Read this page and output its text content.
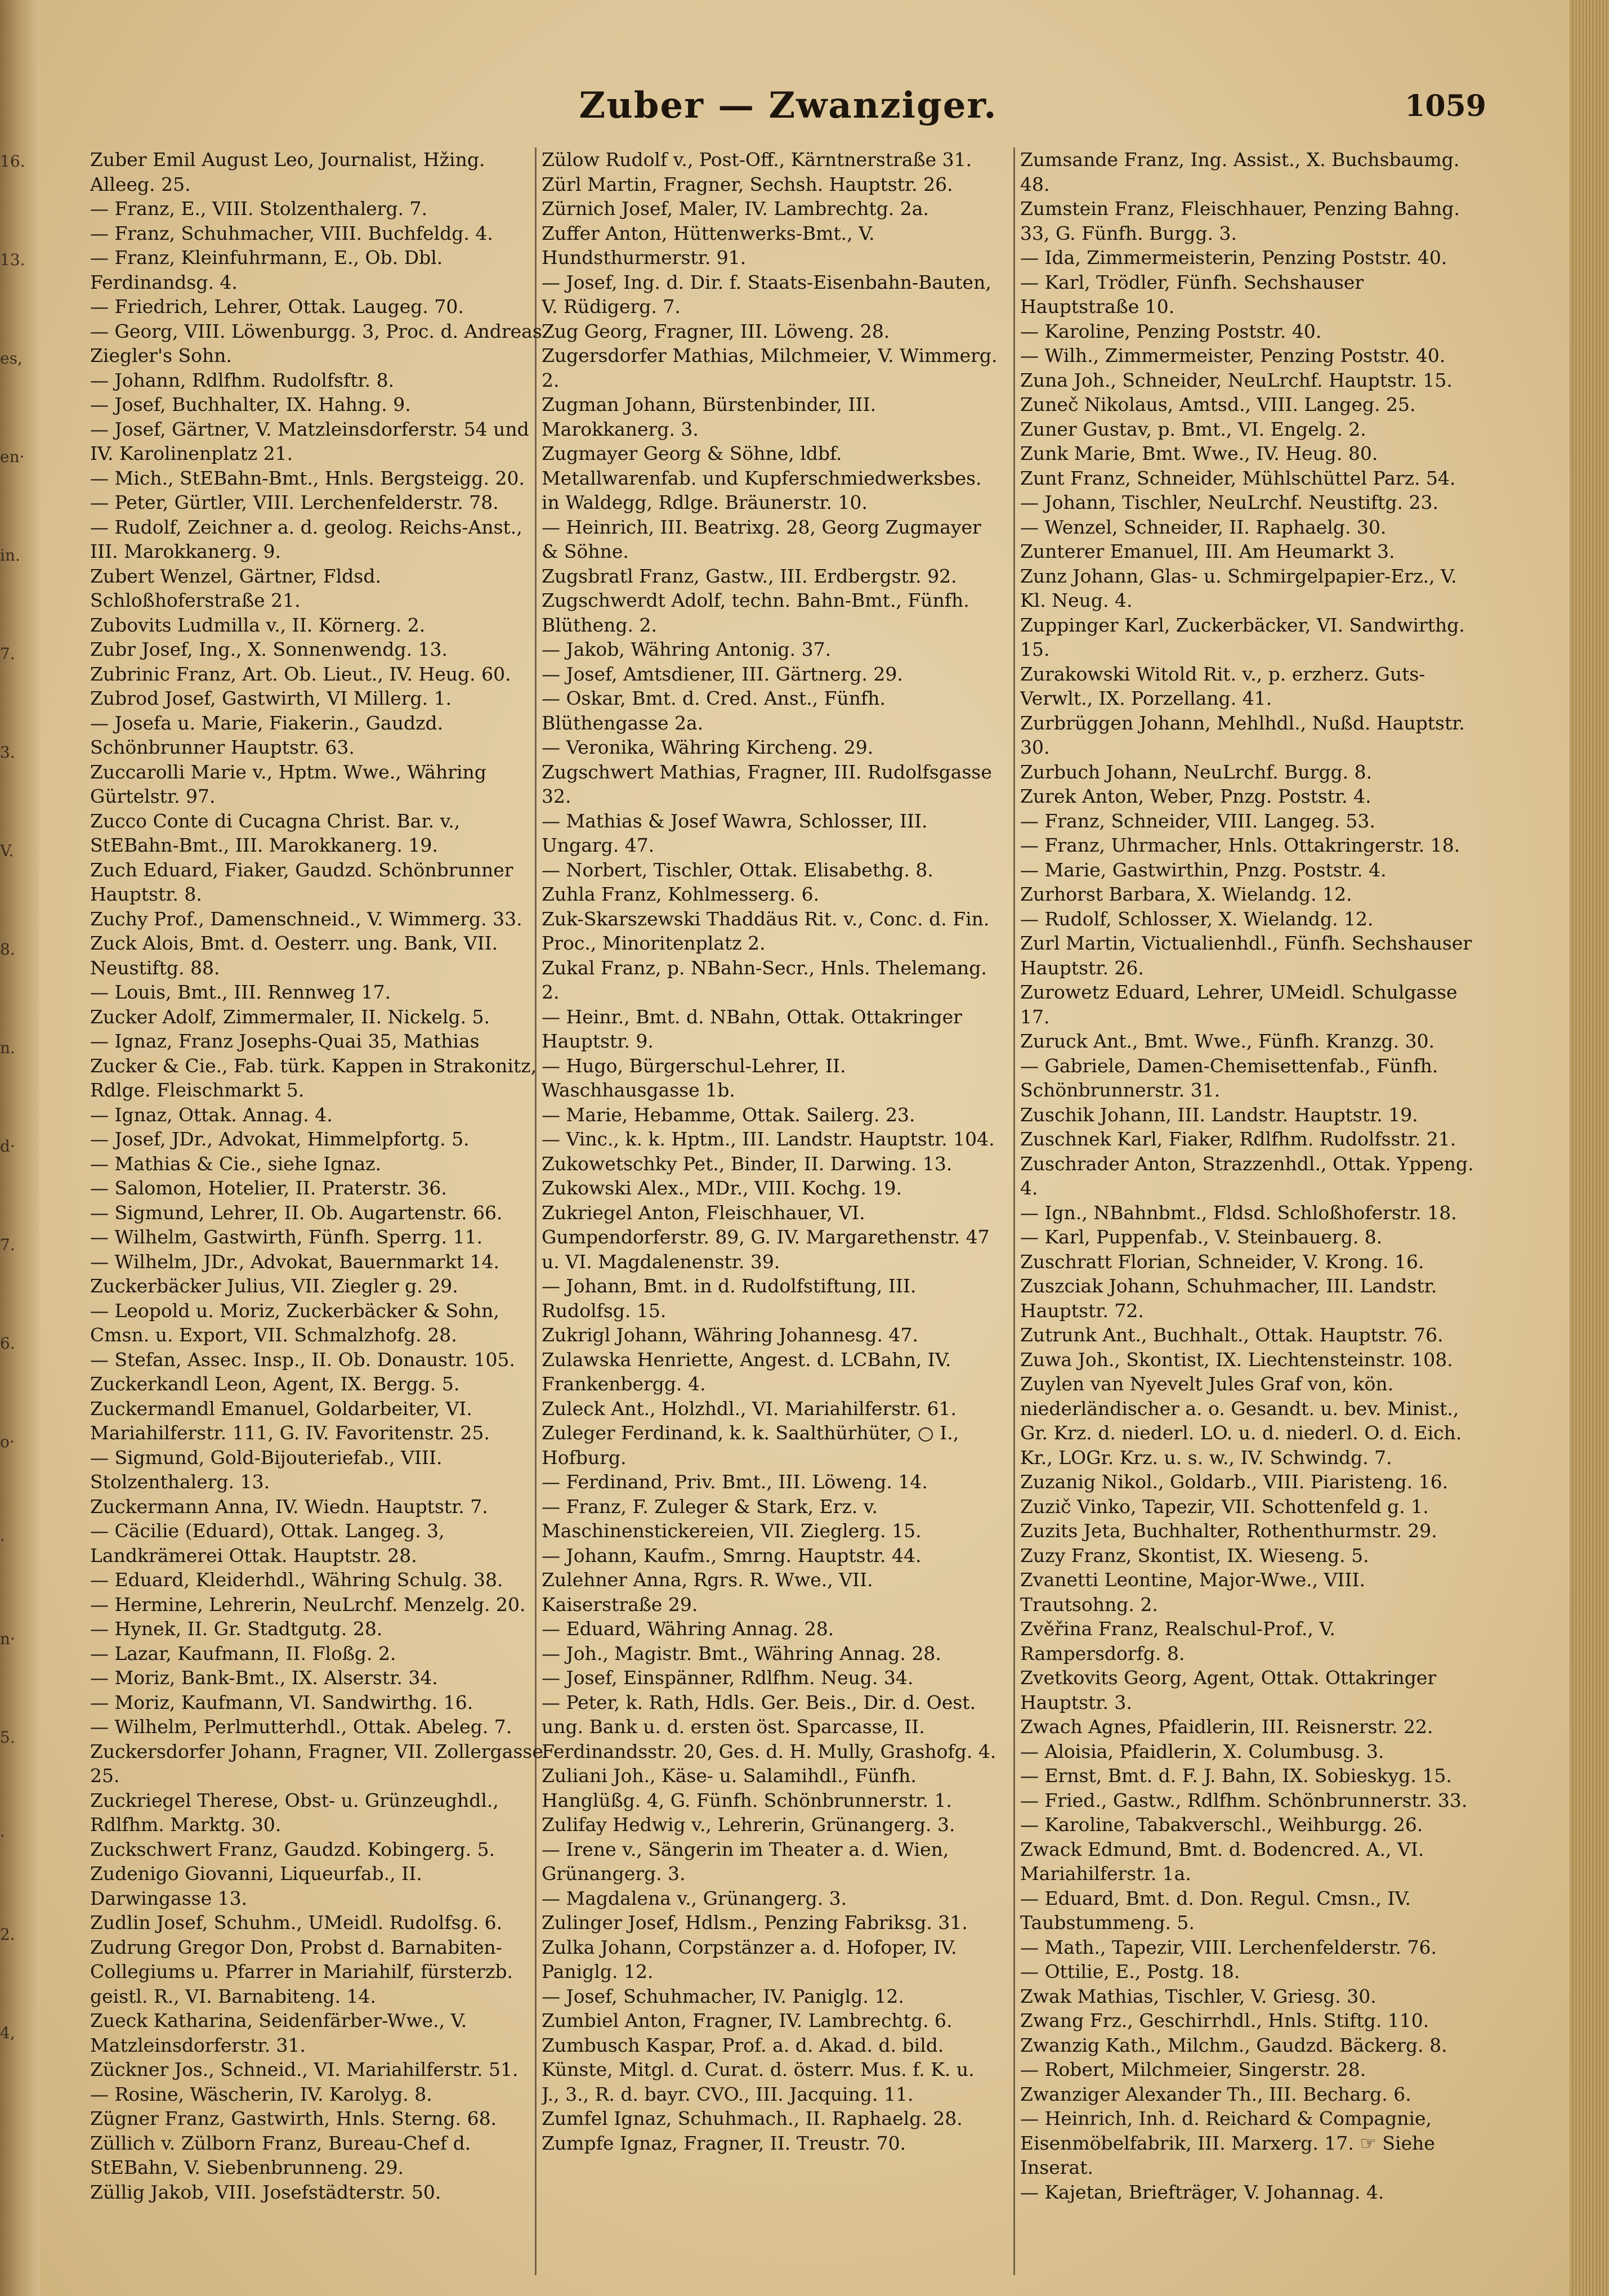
16.
13.
es,
en·
in.
7.
3.
V.
8.
n.
d·
7.
6.
o·
·
n·
5.
·
2.
4,
Zuber — Zwanziger.	1059
Zuber Emil August Leo, Journalist, Hžing. Alleeg. 25.
— Franz, E., VIII. Stolzenthalerg. 7.
— Franz, Schuhmacher, VIII. Buchfeldg. 4.
— Franz, Kleinfuhrmann, E., Ob. Dbl. Ferdinandsg. 4.
— Friedrich, Lehrer, Ottak. Laugeg. 70.
— Georg, VIII. Löwenburgg. 3, Proc. d. Andreas Ziegler's Sohn.
— Johann, Rdlfhm. Rudolfsftr. 8.
— Josef, Buchhalter, IX. Hahng. 9.
— Josef, Gärtner, V. Matzleinsdorferstr. 54 und IV. Karolinenplatz 21.
— Mich., StEBahn-Bmt., Hnls. Bergsteigg. 20.
— Peter, Gürtler, VIII. Lerchenfelderstr. 78.
— Rudolf, Zeichner a. d. geolog. Reichs-Anst., III. Marokkanerg. 9.
Zubert Wenzel, Gärtner, Fldsd. Schloßhoferstraße 21.
Zubovits Ludmilla v., II. Körnerg. 2.
Zubr Josef, Ing., X. Sonnenwendg. 13.
Zubrinic Franz, Art. Ob. Lieut., IV. Heug. 60.
Zubrod Josef, Gastwirth, VI Millerg. 1.
— Josefa u. Marie, Fiakerin., Gaudzd. Schönbrunner Hauptstr. 63.
Zuccarolli Marie v., Hptm. Wwe., Währing Gürtelstr. 97.
Zucco Conte di Cucagna Christ. Bar. v., StEBahn-Bmt., III. Marokkanerg. 19.
Zuch Eduard, Fiaker, Gaudzd. Schönbrunner Hauptstr. 8.
Zuchy Prof., Damenschneid., V. Wimmerg. 33.
Zuck Alois, Bmt. d. Oesterr. ung. Bank, VII. Neustiftg. 88.
— Louis, Bmt., III. Rennweg 17.
Zucker Adolf, Zimmermaler, II. Nickelg. 5.
— Ignaz, Franz Josephs-Quai 35, Mathias Zucker & Cie., Fab. türk. Kappen in Strakonitz, Rdlge. Fleischmarkt 5.
— Ignaz, Ottak. Annag. 4.
— Josef, JDr., Advokat, Himmelpfortg. 5.
— Mathias & Cie., siehe Ignaz.
— Salomon, Hotelier, II. Praterstr. 36.
— Sigmund, Lehrer, II. Ob. Augartenstr. 66.
— Wilhelm, Gastwirth, Fünfh. Sperrg. 11.
— Wilhelm, JDr., Advokat, Bauernmarkt 14.
Zuckerbäcker Julius, VII. Ziegler g. 29.
— Leopold u. Moriz, Zuckerbäcker & Sohn, Cmsn. u. Export, VII. Schmalzhofg. 28.
— Stefan, Assec. Insp., II. Ob. Donaustr. 105.
Zuckerkandl Leon, Agent, IX. Bergg. 5.
Zuckermandl Emanuel, Goldarbeiter, VI. Mariahilferstr. 111, G. IV. Favoritenstr. 25.
— Sigmund, Gold-Bijouteriefab., VIII. Stolzenthalerg. 13.
Zuckermann Anna, IV. Wiedn. Hauptstr. 7.
— Cäcilie (Eduard), Ottak. Langeg. 3, Landkrämerei Ottak. Hauptstr. 28.
— Eduard, Kleiderhdl., Währing Schulg. 38.
— Hermine, Lehrerin, NeuLrchf. Menzelg. 20.
— Hynek, II. Gr. Stadtgutg. 28.
— Lazar, Kaufmann, II. Floßg. 2.
— Moriz, Bank-Bmt., IX. Alserstr. 34.
— Moriz, Kaufmann, VI. Sandwirthg. 16.
— Wilhelm, Perlmutterhdl., Ottak. Abeleg. 7.
Zuckersdorfer Johann, Fragner, VII. Zollergasse 25.
Zuckriegel Therese, Obst- u. Grünzeughdl., Rdlfhm. Marktg. 30.
Zuckschwert Franz, Gaudzd. Kobingerg. 5.
Zudenigo Giovanni, Liqueurfab., II. Darwingasse 13.
Zudlin Josef, Schuhm., UMeidl. Rudolfsg. 6.
Zudrung Gregor Don, Probst d. Barnabiten-Collegiums u. Pfarrer in Mariahilf, fürsterzb. geistl. R., VI. Barnabiteng. 14.
Zueck Katharina, Seidenfärber-Wwe., V. Matzleinsdorferstr. 31.
Zückner Jos., Schneid., VI. Mariahilferstr. 51.
— Rosine, Wäscherin, IV. Karolyg. 8.
Zügner Franz, Gastwirth, Hnls. Sterng. 68.
Züllich v. Zülborn Franz, Bureau-Chef d. StEBahn, V. Siebenbrunneng. 29.
Züllig Jakob, VIII. Josefstädterstr. 50.
Zülow Rudolf v., Post-Off., Kärntnerstraße 31.
Zürl Martin, Fragner, Sechsh. Hauptstr. 26.
Zürnich Josef, Maler, IV. Lambrechtg. 2a.
Zuffer Anton, Hüttenwerks-Bmt., V. Hundsthurmerstr. 91.
— Josef, Ing. d. Dir. f. Staats-Eisenbahn-Bauten, V. Rüdigerg. 7.
Zug Georg, Fragner, III. Löweng. 28.
Zugersdorfer Mathias, Milchmeier, V. Wimmerg. 2.
Zugman Johann, Bürstenbinder, III. Marokkanerg. 3.
Zugmayer Georg & Söhne, ldbf. Metallwarenfab. und Kupferschmiedwerksbes. in Waldegg, Rdlge. Bräunerstr. 10.
— Heinrich, III. Beatrixg. 28, Georg Zugmayer & Söhne.
Zugsbratl Franz, Gastw., III. Erdbergstr. 92.
Zugschwerdt Adolf, techn. Bahn-Bmt., Fünfh. Blütheng. 2.
— Jakob, Währing Antonig. 37.
— Josef, Amtsdiener, III. Gärtnerg. 29.
— Oskar, Bmt. d. Cred. Anst., Fünfh. Blüthengasse 2a.
— Veronika, Währing Kircheng. 29.
Zugschwert Mathias, Fragner, III. Rudolfsgasse 32.
— Mathias & Josef Wawra, Schlosser, III. Ungarg. 47.
— Norbert, Tischler, Ottak. Elisabethg. 8.
Zuhla Franz, Kohlmesserg. 6.
Zuk-Skarszewski Thaddäus Rit. v., Conc. d. Fin. Proc., Minoritenplatz 2.
Zukal Franz, p. NBahn-Secr., Hnls. Thelemang. 2.
— Heinr., Bmt. d. NBahn, Ottak. Ottakringer Hauptstr. 9.
— Hugo, Bürgerschul-Lehrer, II. Waschhausgasse 1b.
— Marie, Hebamme, Ottak. Sailerg. 23.
— Vinc., k. k. Hptm., III. Landstr. Hauptstr. 104.
Zukowetschky Pet., Binder, II. Darwing. 13.
Zukowski Alex., MDr., VIII. Kochg. 19.
Zukriegel Anton, Fleischhauer, VI. Gumpendorferstr. 89, G. IV. Margarethenstr. 47 u. VI. Magdalenenstr. 39.
— Johann, Bmt. in d. Rudolfstiftung, III. Rudolfsg. 15.
Zukrigl Johann, Währing Johannesg. 47.
Zulawska Henriette, Angest. d. LCBahn, IV. Frankenbergg. 4.
Zuleck Ant., Holzhdl., VI. Mariahilferstr. 61.
Zuleger Ferdinand, k. k. Saalthürhüter, ○ I., Hofburg.
— Ferdinand, Priv. Bmt., III. Löweng. 14.
— Franz, F. Zuleger & Stark, Erz. v. Maschinenstickereien, VII. Zieglerg. 15.
— Johann, Kaufm., Smrng. Hauptstr. 44.
Zulehner Anna, Rgrs. R. Wwe., VII. Kaiserstraße 29.
— Eduard, Währing Annag. 28.
— Joh., Magistr. Bmt., Währing Annag. 28.
— Josef, Einspänner, Rdlfhm. Neug. 34.
— Peter, k. Rath, Hdls. Ger. Beis., Dir. d. Oest. ung. Bank u. d. ersten öst. Sparcasse, II. Ferdinandsstr. 20, Ges. d. H. Mully, Grashofg. 4.
Zuliani Joh., Käse- u. Salamihdl., Fünfh. Hanglüßg. 4, G. Fünfh. Schönbrunnerstr. 1.
Zulifay Hedwig v., Lehrerin, Grünangerg. 3.
— Irene v., Sängerin im Theater a. d. Wien, Grünangerg. 3.
— Magdalena v., Grünangerg. 3.
Zulinger Josef, Hdlsm., Penzing Fabriksg. 31.
Zulka Johann, Corpstänzer a. d. Hofoper, IV. Paniglg. 12.
— Josef, Schuhmacher, IV. Paniglg. 12.
Zumbiel Anton, Fragner, IV. Lambrechtg. 6.
Zumbusch Kaspar, Prof. a. d. Akad. d. bild. Künste, Mitgl. d. Curat. d. österr. Mus. f. K. u. J., 3., R. d. bayr. CVO., III. Jacquing. 11.
Zumfel Ignaz, Schuhmach., II. Raphaelg. 28.
Zumpfe Ignaz, Fragner, II. Treustr. 70.
Zumsande Franz, Ing. Assist., X. Buchsbaumg. 48.
Zumstein Franz, Fleischhauer, Penzing Bahng. 33, G. Fünfh. Burgg. 3.
— Ida, Zimmermeisterin, Penzing Poststr. 40.
— Karl, Trödler, Fünfh. Sechshauser Hauptstraße 10.
— Karoline, Penzing Poststr. 40.
— Wilh., Zimmermeister, Penzing Poststr. 40.
Zuna Joh., Schneider, NeuLrchf. Hauptstr. 15.
Zuneč Nikolaus, Amtsd., VIII. Langeg. 25.
Zuner Gustav, p. Bmt., VI. Engelg. 2.
Zunk Marie, Bmt. Wwe., IV. Heug. 80.
Zunt Franz, Schneider, Mühlschüttel Parz. 54.
— Johann, Tischler, NeuLrchf. Neustiftg. 23.
— Wenzel, Schneider, II. Raphaelg. 30.
Zunterer Emanuel, III. Am Heumarkt 3.
Zunz Johann, Glas- u. Schmirgelpapier-Erz., V. Kl. Neug. 4.
Zuppinger Karl, Zuckerbäcker, VI. Sandwirthg. 15.
Zurakowski Witold Rit. v., p. erzherz. Guts-Verwlt., IX. Porzellang. 41.
Zurbrüggen Johann, Mehlhdl., Nußd. Hauptstr. 30.
Zurbuch Johann, NeuLrchf. Burgg. 8.
Zurek Anton, Weber, Pnzg. Poststr. 4.
— Franz, Schneider, VIII. Langeg. 53.
— Franz, Uhrmacher, Hnls. Ottakringerstr. 18.
— Marie, Gastwirthin, Pnzg. Poststr. 4.
Zurhorst Barbara, X. Wielandg. 12.
— Rudolf, Schlosser, X. Wielandg. 12.
Zurl Martin, Victualienhdl., Fünfh. Sechshauser Hauptstr. 26.
Zurowetz Eduard, Lehrer, UMeidl. Schulgasse 17.
Zuruck Ant., Bmt. Wwe., Fünfh. Kranzg. 30.
— Gabriele, Damen-Chemisettenfab., Fünfh. Schönbrunnerstr. 31.
Zuschik Johann, III. Landstr. Hauptstr. 19.
Zuschnek Karl, Fiaker, Rdlfhm. Rudolfsstr. 21.
Zuschrader Anton, Strazzenhdl., Ottak. Yppeng. 4.
— Ign., NBahnbmt., Fldsd. Schloßhoferstr. 18.
— Karl, Puppenfab., V. Steinbauerg. 8.
Zuschratt Florian, Schneider, V. Krong. 16.
Zuszciak Johann, Schuhmacher, III. Landstr. Hauptstr. 72.
Zutrunk Ant., Buchhalt., Ottak. Hauptstr. 76.
Zuwa Joh., Skontist, IX. Liechtensteinstr. 108.
Zuylen van Nyevelt Jules Graf von, kön. niederländischer a. o. Gesandt. u. bev. Minist., Gr. Krz. d. niederl. LO. u. d. niederl. O. d. Eich. Kr., LOGr. Krz. u. s. w., IV. Schwindg. 7.
Zuzanig Nikol., Goldarb., VIII. Piaristeng. 16.
Zuzič Vinko, Tapezir, VII. Schottenfeld g. 1.
Zuzits Jeta, Buchhalter, Rothenthurmstr. 29.
Zuzy Franz, Skontist, IX. Wieseng. 5.
Zvanetti Leontine, Major-Wwe., VIII. Trautsohng. 2.
Zvěřina Franz, Realschul-Prof., V. Rampersdorfg. 8.
Zvetkovits Georg, Agent, Ottak. Ottakringer Hauptstr. 3.
Zwach Agnes, Pfaidlerin, III. Reisnerstr. 22.
— Aloisia, Pfaidlerin, X. Columbusg. 3.
— Ernst, Bmt. d. F. J. Bahn, IX. Sobieskyg. 15.
— Fried., Gastw., Rdlfhm. Schönbrunnerstr. 33.
— Karoline, Tabakverschl., Weihburgg. 26.
Zwack Edmund, Bmt. d. Bodencred. A., VI. Mariahilferstr. 1a.
— Eduard, Bmt. d. Don. Regul. Cmsn., IV. Taubstummeng. 5.
— Math., Tapezir, VIII. Lerchenfelderstr. 76.
— Ottilie, E., Postg. 18.
Zwak Mathias, Tischler, V. Griesg. 30.
Zwang Frz., Geschirrhdl., Hnls. Stiftg. 110.
Zwanzig Kath., Milchm., Gaudzd. Bäckerg. 8.
— Robert, Milchmeier, Singerstr. 28.
Zwanziger Alexander Th., III. Becharg. 6.
— Heinrich, Inh. d. Reichard & Compagnie, Eisenmöbelfabrik, III. Marxerg. 17. ☞ Siehe Inserat.
— Kajetan, Briefträger, V. Johannag. 4.
